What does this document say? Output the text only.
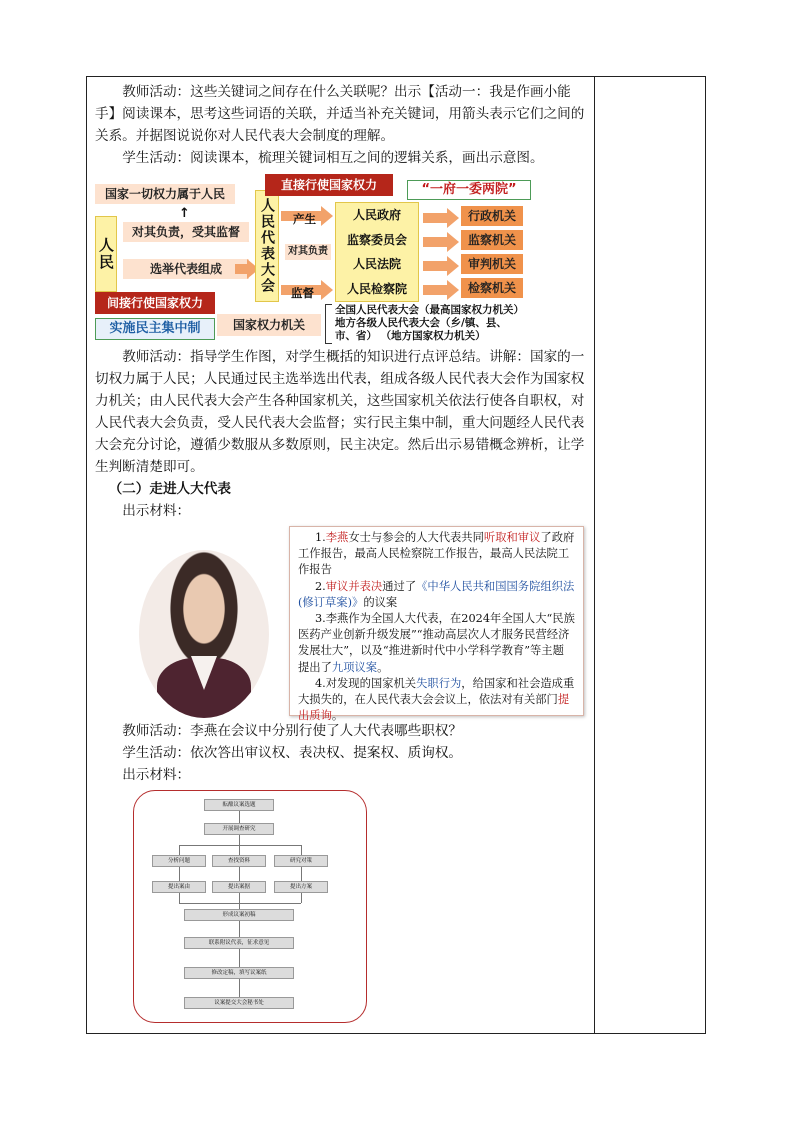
教师活动：这些关键词之间存在什么关联呢？出示【活动一：我是作画小能手】阅读课本，思考这些词语的关联，并适当补充关键词，用箭头表示它们之间的关系。并据图说说你对人民代表大会制度的理解。

学生活动：阅读课本，梳理关键词相互之间的逻辑关系，画出示意图。

国家一切权力属于人民
人民
↑
对其负责，受其监督
选举代表组成
间接行使国家权力
实施民主集中制
人民代表大会
直接行使国家权力
国家权力机关
产生
对其负责
监督
人民政府
监察委员会
人民法院
人民检察院
“一府一委两院”
行政机关
监察机关
审判机关
检察机关
全国人民代表大会（最高国家权力机关）
地方各级人民代表大会（乡/镇、县、
市、省） （地方国家权力机关）

教师活动：指导学生作图，对学生概括的知识进行点评总结。讲解：国家的一切权力属于人民；人民通过民主选举选出代表，组成各级人民代表大会作为国家权力机关；由人民代表大会产生各种国家机关，这些国家机关依法行使各自职权，对人民代表大会负责，受人民代表大会监督；实行民主集中制，重大问题经人民代表大会充分讨论，遵循少数服从多数原则，民主决定。然后出示易错概念辨析，让学生判断清楚即可。

（二）走进人大代表

出示材料：

1.李燕女士与参会的人大代表共同听取和审议了政府工作报告，最高人民检察院工作报告，最高人民法院工作报告

2.审议并表决通过了《中华人民共和国国务院组织法(修订草案)》的议案

3.李燕作为全国人大代表，在2024年全国人大“民族医药产业创新升级发展”“推动高层次人才服务民营经济发展壮大”，以及“推进新时代中小学科学教育”等主题提出了九项议案。

4.对发现的国家机关失职行为，给国家和社会造成重大损失的，在人民代表大会会议上，依法对有关部门提出质询。

教师活动：李燕在会议中分别行使了人大代表哪些职权？

学生活动：依次答出审议权、表决权、提案权、质询权。

出示材料：

酝酿议案选题
开展调查研究
分析问题	查找资料	研究对策
提出案由	提出案据	提出方案
形成议案初稿
联系附议代表，征求意见
修改定稿，填写议案纸
议案提交大会秘书处
